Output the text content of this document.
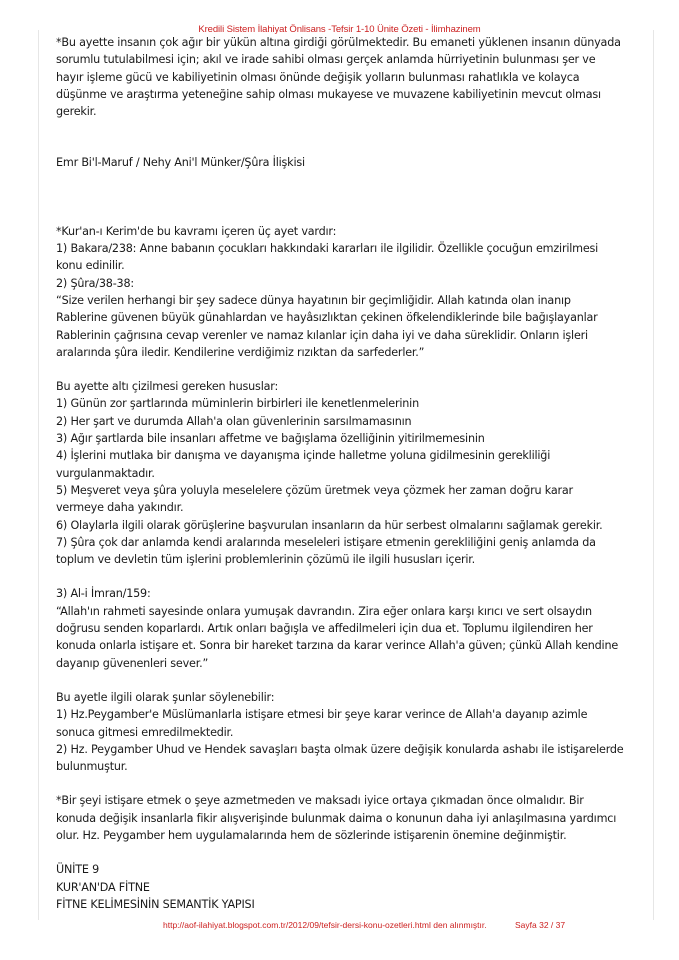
Kredili Sistem İlahiyat Önlisans -Tefsir 1-10 Ünite Özeti - İlimhazinem

*Bu ayette insanın çok ağır bir yükün altına girdiği görülmektedir. Bu emaneti yüklenen insanın dünyada sorumlu tutulabilmesi için; akıl ve irade sahibi olması gerçek anlamda hürriyetinin bulunması şer ve hayır işleme gücü ve kabiliyetinin olması önünde değişik yolların bulunması rahatlıkla ve kolayca düşünme ve araştırma yeteneğine sahip olması mukayese ve muvazene kabiliyetinin mevcut olması gerekir.

Emr Bi'l-Maruf / Nehy Ani'l Münker/Şûra İlişkisi

*Kur'an-ı Kerim'de bu kavramı içeren üç ayet vardır:

1) Bakara/238: Anne babanın çocukları hakkındaki kararları ile ilgilidir. Özellikle çocuğun emzirilmesi konu edinilir.

2) Şûra/38-38:

“Size verilen herhangi bir şey sadece dünya hayatının bir geçimliğidir. Allah katında olan inanıp Rablerine güvenen büyük günahlardan ve hayâsızlıktan çekinen öfkelendiklerinde bile bağışlayanlar Rablerinin çağrısına cevap verenler ve namaz kılanlar için daha iyi ve daha süreklidir. Onların işleri aralarında şûra iledir. Kendilerine verdiğimiz rızıktan da sarfederler.”

Bu ayette altı çizilmesi gereken hususlar:

1) Günün zor şartlarında müminlerin birbirleri ile kenetlenmelerinin

2) Her şart ve durumda Allah'a olan güvenlerinin sarsılmamasının

3) Ağır şartlarda bile insanları affetme ve bağışlama özelliğinin yitirilmemesinin

4) İşlerini mutlaka bir danışma ve dayanışma içinde halletme yoluna gidilmesinin gerekliliği vurgulanmaktadır.

5) Meşveret veya şûra yoluyla meselelere çözüm üretmek veya çözmek her zaman doğru karar vermeye daha yakındır.

6) Olaylarla ilgili olarak görüşlerine başvurulan insanların da hür serbest olmalarını sağlamak gerekir.

7) Şûra çok dar anlamda kendi aralarında meseleleri istişare etmenin gerekliliğini geniş anlamda da toplum ve devletin tüm işlerini problemlerinin çözümü ile ilgili hususları içerir.

3) Al-i İmran/159:

“Allah'ın rahmeti sayesinde onlara yumuşak davrandın. Zira eğer onlara karşı kırıcı ve sert olsaydın doğrusu senden koparlardı. Artık onları bağışla ve affedilmeleri için dua et. Toplumu ilgilendiren her konuda onlarla istişare et. Sonra bir hareket tarzına da karar verince Allah'a güven; çünkü Allah kendine dayanıp güvenenleri sever.”

Bu ayetle ilgili olarak şunlar söylenebilir:

1) Hz.Peygamber'e Müslümanlarla istişare etmesi bir şeye karar verince de Allah'a dayanıp azimle sonuca gitmesi emredilmektedir.

2) Hz. Peygamber Uhud ve Hendek savaşları başta olmak üzere değişik konularda ashabı ile istişarelerde bulunmuştur.

*Bir şeyi istişare etmek o şeye azmetmeden ve maksadı iyice ortaya çıkmadan önce olmalıdır. Bir konuda değişik insanlarla fikir alışverişinde bulunmak daima o konunun daha iyi anlaşılmasına yardımcı olur. Hz. Peygamber hem uygulamalarında hem de sözlerinde istişarenin önemine değinmiştir.

ÜNİTE 9

KUR'AN'DA FİTNE

FİTNE KELİMESİNİN SEMANTİK YAPISI

http://aof-ilahiyat.blogspot.com.tr/2012/09/tefsir-dersi-konu-ozetleri.html den alınmıştır.	Sayfa 32 / 37
